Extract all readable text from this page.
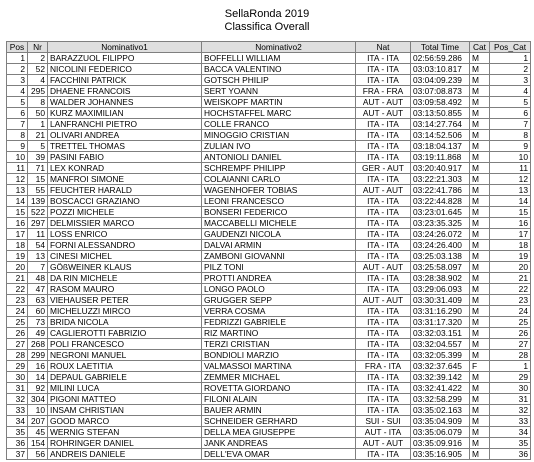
SellaRonda 2019
Classifica Overall
Pos	Nr	Nominativo1	Nominativo2	Nat	Total Time	Cat	Pos_Cat
1	2	BARAZZUOL FILIPPO	BOFFELLI WILLIAM	ITA - ITA	02:56:59.286	M	1
2	52	NICOLINI FEDERICO	BACCA VALENTINO	ITA - ITA	03:03:10.817	M	2
3	4	FACCHINI PATRICK	GOTSCH PHILIP	ITA - ITA	03:04:09.239	M	3
4	295	DHAENE FRANCOIS	SERT YOANN	FRA - FRA	03:07:08.873	M	4
5	8	WALDER JOHANNES	WEISKOPF MARTIN	AUT - AUT	03:09:58.492	M	5
6	50	KURZ MAXIMILIAN	HOCHSTAFFEL MARC	AUT - AUT	03:13:50.855	M	6
7	1	LANFRANCHI PIETRO	COLLE FRANCO	ITA - ITA	03:14:27.764	M	7
8	21	OLIVARI ANDREA	MINOGGIO CRISTIAN	ITA - ITA	03:14:52.506	M	8
9	5	TRETTEL THOMAS	ZULIAN IVO	ITA - ITA	03:18:04.137	M	9
10	39	PASINI FABIO	ANTONIOLI DANIEL	ITA - ITA	03:19:11.868	M	10
11	71	LEX KONRAD	SCHREMPF PHILIPP	GER - AUT	03:20:40.917	M	11
12	15	MANFROI SIMONE	COLAIANNI CARLO	ITA - ITA	03:22:21.303	M	12
13	55	FEUCHTER HARALD	WAGENHOFER TOBIAS	AUT - AUT	03:22:41.786	M	13
14	139	BOSCACCI GRAZIANO	LEONI FRANCESCO	ITA - ITA	03:22:44.828	M	14
15	522	POZZI MICHELE	BONSERI FEDERICO	ITA - ITA	03:23:01.645	M	15
16	297	DELMISSIER MARCO	MACCABELLI MICHELE	ITA - ITA	03:23:35.325	M	16
17	11	LOSS ENRICO	GAUDENZI NICOLA	ITA - ITA	03:24:26.072	M	17
18	54	FORNI ALESSANDRO	DALVAI ARMIN	ITA - ITA	03:24:26.400	M	18
19	13	CINESI MICHEL	ZAMBONI GIOVANNI	ITA - ITA	03:25:03.138	M	19
20	7	GÖßWEINER KLAUS	PILZ TONI	AUT - AUT	03:25:58.097	M	20
21	48	DA RIN MICHELE	PROTTI ANDREA	ITA - ITA	03:28:38.902	M	21
22	47	RASOM MAURO	LONGO PAOLO	ITA - ITA	03:29:06.093	M	22
23	63	VIEHAUSER PETER	GRUGGER SEPP	AUT - AUT	03:30:31.409	M	23
24	60	MICHELUZZI MIRCO	VERRA COSMA	ITA - ITA	03:31:16.290	M	24
25	73	BRIDA NICOLA	FEDRIZZI GABRIELE	ITA - ITA	03:31:17.320	M	25
26	49	CAGLIEROTTI FABRIZIO	RIZ MARTINO	ITA - ITA	03:32:03.151	M	26
27	268	POLI FRANCESCO	TERZI CRISTIAN	ITA - ITA	03:32:04.557	M	27
28	299	NEGRONI MANUEL	BONDIOLI MARZIO	ITA - ITA	03:32:05.399	M	28
29	16	ROUX LAETITIA	VALMASSOI MARTINA	FRA - ITA	03:32:37.645	F	1
30	14	DEPAUL GABRIELE	ZEMMER MICHAEL	ITA - ITA	03:32:39.142	M	29
31	92	MILINI LUCA	ROVETTA GIORDANO	ITA - ITA	03:32:41.422	M	30
32	304	PIGONI MATTEO	FILONI ALAIN	ITA - ITA	03:32:58.299	M	31
33	10	INSAM CHRISTIAN	BAUER ARMIN	ITA - ITA	03:35:02.163	M	32
34	207	GOOD MARCO	SCHNEIDER GERHARD	SUI - SUI	03:35:04.909	M	33
35	45	WERNIG STEFAN	DELLA MEA GIUSEPPE	AUT - ITA	03:35:06.079	M	34
36	154	ROHRINGER DANIEL	JANK ANDREAS	AUT - AUT	03:35:09.916	M	35
37	56	ANDREIS DANIELE	DELL'EVA OMAR	ITA - ITA	03:35:16.905	M	36
